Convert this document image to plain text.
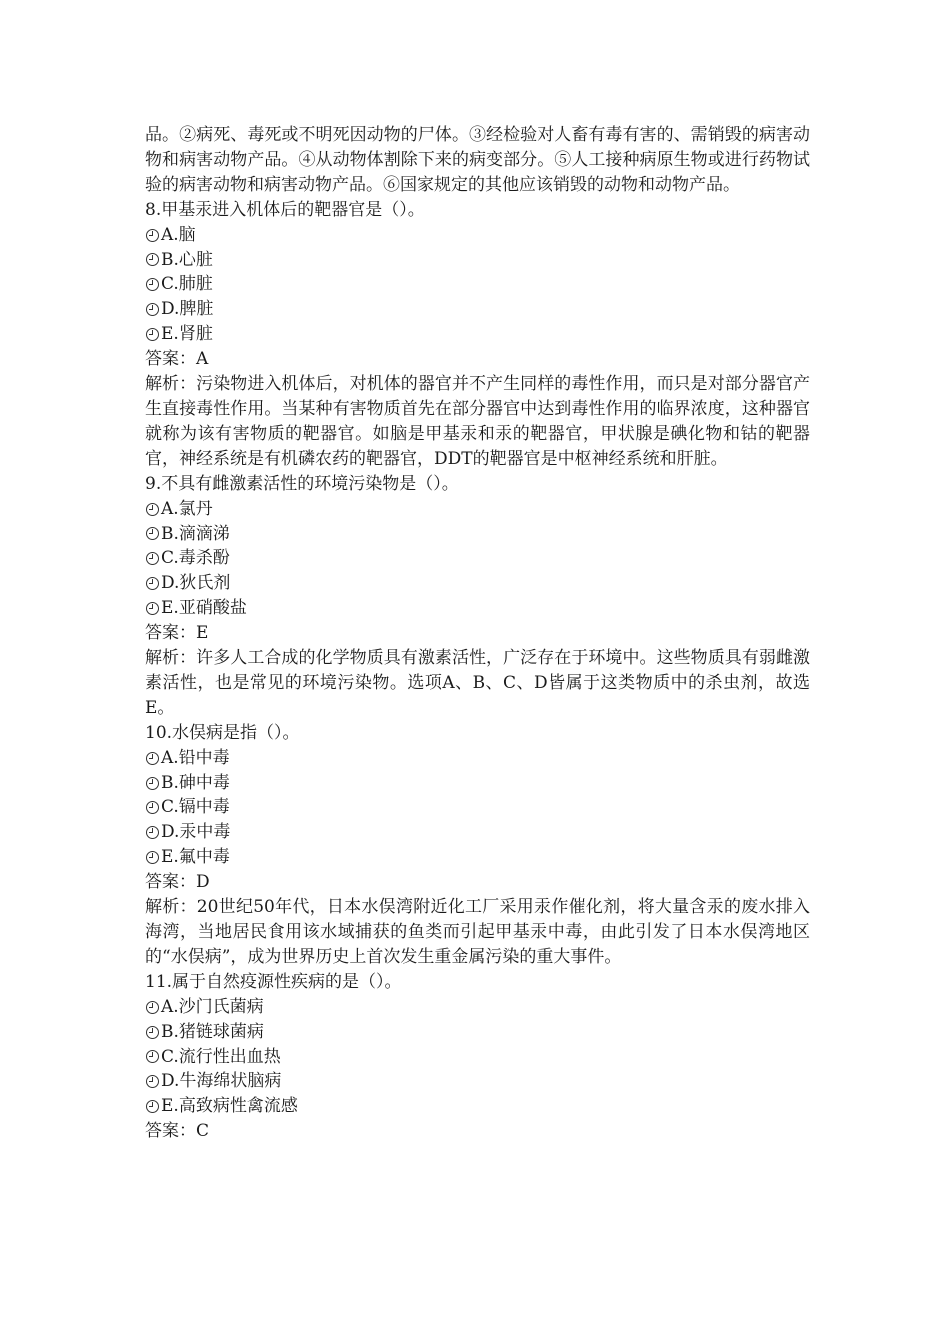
品。②病死、毒死或不明死因动物的尸体。③经检验对人畜有毒有害的、需销毁的病害动物和病害动物产品。④从动物体割除下来的病变部分。⑤人工接种病原生物或进行药物试验的病害动物和病害动物产品。⑥国家规定的其他应该销毁的动物和动物产品。

8.甲基汞进入机体后的靶器官是（）。

A.脑
B.心脏
C.肺脏
D.脾脏
E.肾脏

答案：A

解析：污染物进入机体后，对机体的器官并不产生同样的毒性作用，而只是对部分器官产生直接毒性作用。当某种有害物质首先在部分器官中达到毒性作用的临界浓度，这种器官就称为该有害物质的靶器官。如脑是甲基汞和汞的靶器官，甲状腺是碘化物和钴的靶器官，神经系统是有机磷农药的靶器官，DDT的靶器官是中枢神经系统和肝脏。

9.不具有雌激素活性的环境污染物是（）。

A.氯丹
B.滴滴涕
C.毒杀酚
D.狄氏剂
E.亚硝酸盐

答案：E

解析：许多人工合成的化学物质具有激素活性，广泛存在于环境中。这些物质具有弱雌激素活性，也是常见的环境污染物。选项A、B、C、D皆属于这类物质中的杀虫剂，故选E。

10.水俣病是指（）。

A.铅中毒
B.砷中毒
C.镉中毒
D.汞中毒
E.氟中毒

答案：D

解析：20世纪50年代，日本水俣湾附近化工厂采用汞作催化剂，将大量含汞的废水排入海湾，当地居民食用该水域捕获的鱼类而引起甲基汞中毒，由此引发了日本水俣湾地区的“水俣病”，成为世界历史上首次发生重金属污染的重大事件。

11.属于自然疫源性疾病的是（）。

A.沙门氏菌病
B.猪链球菌病
C.流行性出血热
D.牛海绵状脑病
E.高致病性禽流感

答案：C
